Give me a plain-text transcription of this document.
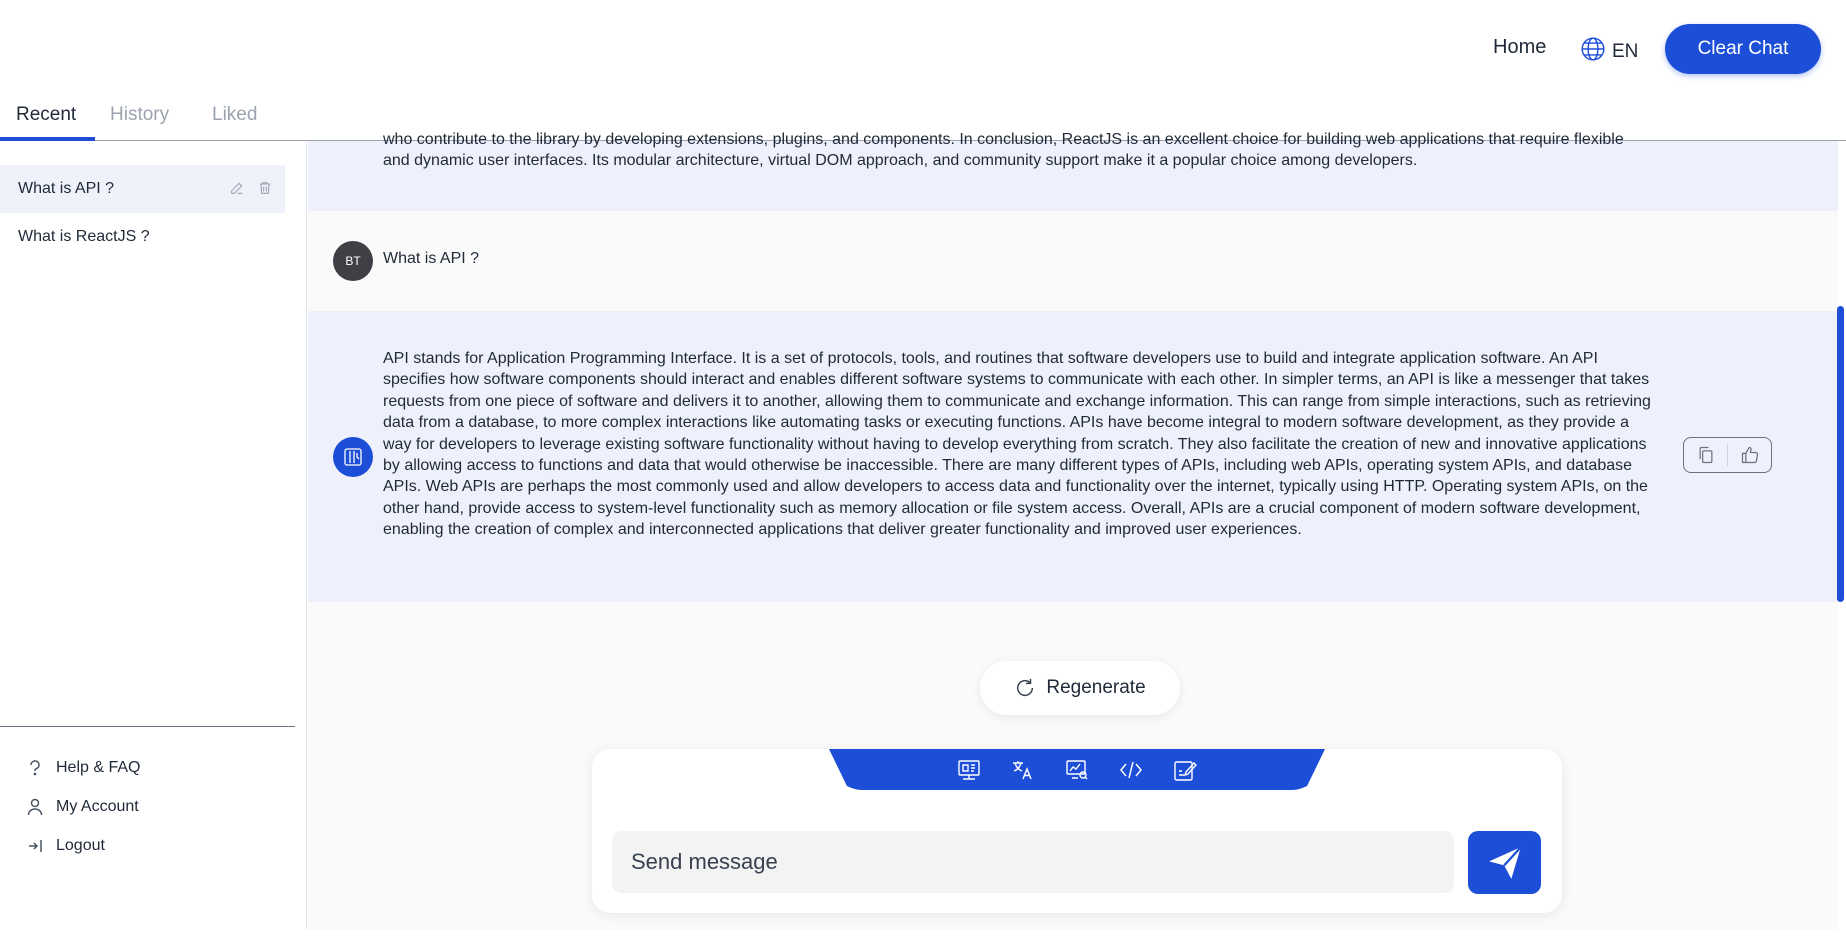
Home	EN	Clear Chat
Recent History Liked
What is API ?
What is ReactJS ?
Help & FAQ
My Account
Logout
who contribute to the library by developing extensions, plugins, and components. In conclusion, ReactJS is an excellent choice for building web applications that require flexible and dynamic user interfaces. Its modular architecture, virtual DOM approach, and community support make it a popular choice among developers.
BT	What is API ?
API stands for Application Programming Interface. It is a set of protocols, tools, and routines that software developers use to build and integrate application software. An API specifies how software components should interact and enables different software systems to communicate with each other. In simpler terms, an API is like a messenger that takes requests from one piece of software and delivers it to another, allowing them to communicate and exchange information. This can range from simple interactions, such as retrieving data from a database, to more complex interactions like automating tasks or executing functions. APIs have become integral to modern software development, as they provide a way for developers to leverage existing software functionality without having to develop everything from scratch. They also facilitate the creation of new and innovative applications by allowing access to functions and data that would otherwise be inaccessible. There are many different types of APIs, including web APIs, operating system APIs, and database APIs. Web APIs are perhaps the most commonly used and allow developers to access data and functionality over the internet, typically using HTTP. Operating system APIs, on the other hand, provide access to system-level functionality such as memory allocation or file system access. Overall, APIs are a crucial component of modern software development, enabling the creation of complex and interconnected applications that deliver greater functionality and improved user experiences.
Regenerate
Send message
